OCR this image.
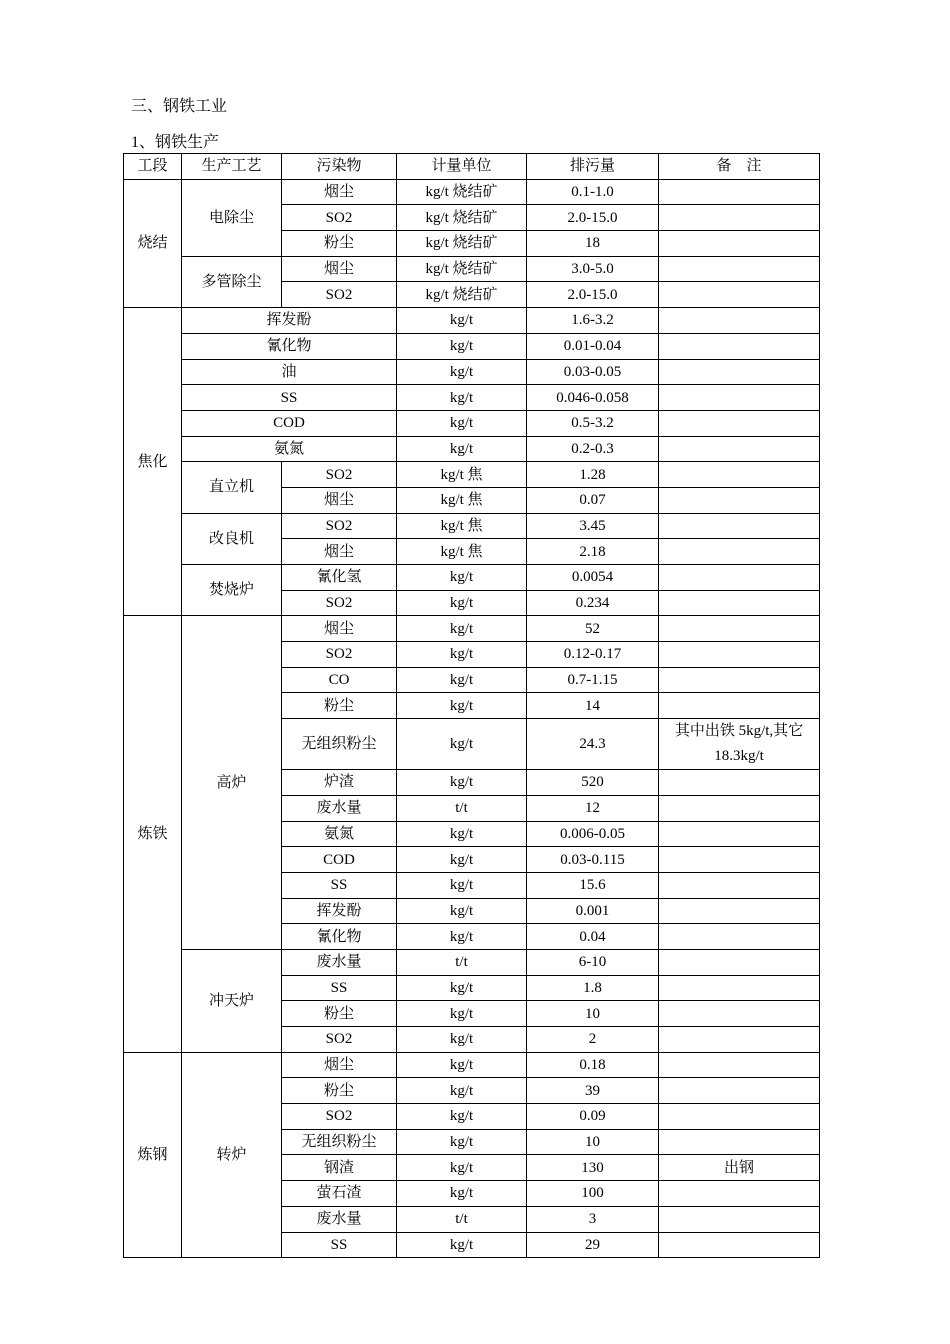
三、钢铁工业
1、钢铁生产
工段	生产工艺	污染物	计量单位	排污量	备　注
烧结	电除尘	烟尘	kg/t 烧结矿	0.1-1.0	
		SO2	kg/t 烧结矿	2.0-15.0	
		粉尘	kg/t 烧结矿	18	
	多管除尘	烟尘	kg/t 烧结矿	3.0-5.0	
		SO2	kg/t 烧结矿	2.0-15.0	
焦化	挥发酚		kg/t	1.6-3.2	
	氰化物		kg/t	0.01-0.04	
	油		kg/t	0.03-0.05	
	SS		kg/t	0.046-0.058	
	COD		kg/t	0.5-3.2	
	氨氮		kg/t	0.2-0.3	
	直立机	SO2	kg/t 焦	1.28	
		烟尘	kg/t 焦	0.07	
	改良机	SO2	kg/t 焦	3.45	
		烟尘	kg/t 焦	2.18	
	焚烧炉	氰化氢	kg/t	0.0054	
		SO2	kg/t	0.234	
炼铁	高炉	烟尘	kg/t	52	
		SO2	kg/t	0.12-0.17	
		CO	kg/t	0.7-1.15	
		粉尘	kg/t	14	
		无组织粉尘	kg/t	24.3	其中出铁 5kg/t,其它 18.3kg/t
		炉渣	kg/t	520	
		废水量	t/t	12	
		氨氮	kg/t	0.006-0.05	
		COD	kg/t	0.03-0.115	
		SS	kg/t	15.6	
		挥发酚	kg/t	0.001	
		氰化物	kg/t	0.04	
	冲天炉	废水量	t/t	6-10	
		SS	kg/t	1.8	
		粉尘	kg/t	10	
		SO2	kg/t	2	
炼钢	转炉	烟尘	kg/t	0.18	
		粉尘	kg/t	39	
		SO2	kg/t	0.09	
		无组织粉尘	kg/t	10	
		钢渣	kg/t	130	出钢
		萤石渣	kg/t	100	
		废水量	t/t	3	
		SS	kg/t	29	
